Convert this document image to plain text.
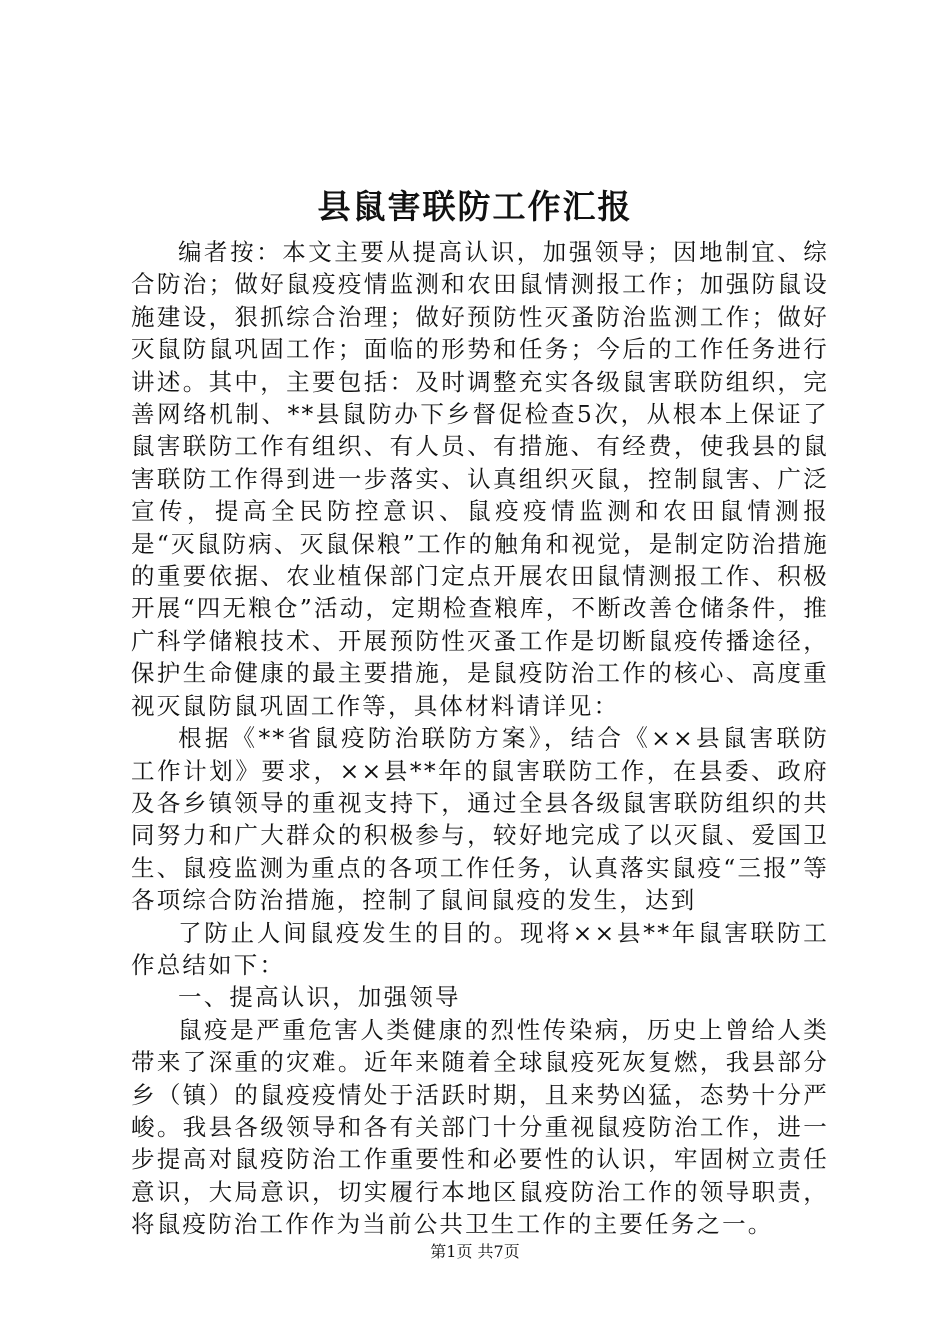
县鼠害联防工作汇报

编者按：本文主要从提高认识，加强领导；因地制宜、综合防治；做好鼠疫疫情监测和农田鼠情测报工作；加强防鼠设施建设，狠抓综合治理；做好预防性灭蚤防治监测工作；做好灭鼠防鼠巩固工作；面临的形势和任务；今后的工作任务进行讲述。其中，主要包括：及时调整充实各级鼠害联防组织，完善网络机制、**县鼠防办下乡督促检查5次，从根本上保证了鼠害联防工作有组织、有人员、有措施、有经费，使我县的鼠害联防工作得到进一步落实、认真组织灭鼠，控制鼠害、广泛宣传，提高全民防控意识、鼠疫疫情监测和农田鼠情测报是“灭鼠防病、灭鼠保粮”工作的触角和视觉，是制定防治措施的重要依据、农业植保部门定点开展农田鼠情测报工作、积极开展“四无粮仓”活动，定期检查粮库，不断改善仓储条件，推广科学储粮技术、开展预防性灭蚤工作是切断鼠疫传播途径，保护生命健康的最主要措施，是鼠疫防治工作的核心、高度重视灭鼠防鼠巩固工作等，具体材料请详见：

根据《**省鼠疫防治联防方案》，结合《××县鼠害联防工作计划》要求，××县**年的鼠害联防工作，在县委、政府及各乡镇领导的重视支持下，通过全县各级鼠害联防组织的共同努力和广大群众的积极参与，较好地完成了以灭鼠、爱国卫生、鼠疫监测为重点的各项工作任务，认真落实鼠疫“三报”等各项综合防治措施，控制了鼠间鼠疫的发生，达到

了防止人间鼠疫发生的目的。现将××县**年鼠害联防工作总结如下：

一、提高认识，加强领导

鼠疫是严重危害人类健康的烈性传染病，历史上曾给人类带来了深重的灾难。近年来随着全球鼠疫死灰复燃，我县部分乡（镇）的鼠疫疫情处于活跃时期，且来势凶猛，态势十分严峻。我县各级领导和各有关部门十分重视鼠疫防治工作，进一步提高对鼠疫防治工作重要性和必要性的认识，牢固树立责任意识，大局意识，切实履行本地区鼠疫防治工作的领导职责，将鼠疫防治工作作为当前公共卫生工作的主要任务之一。

第1页 共7页
